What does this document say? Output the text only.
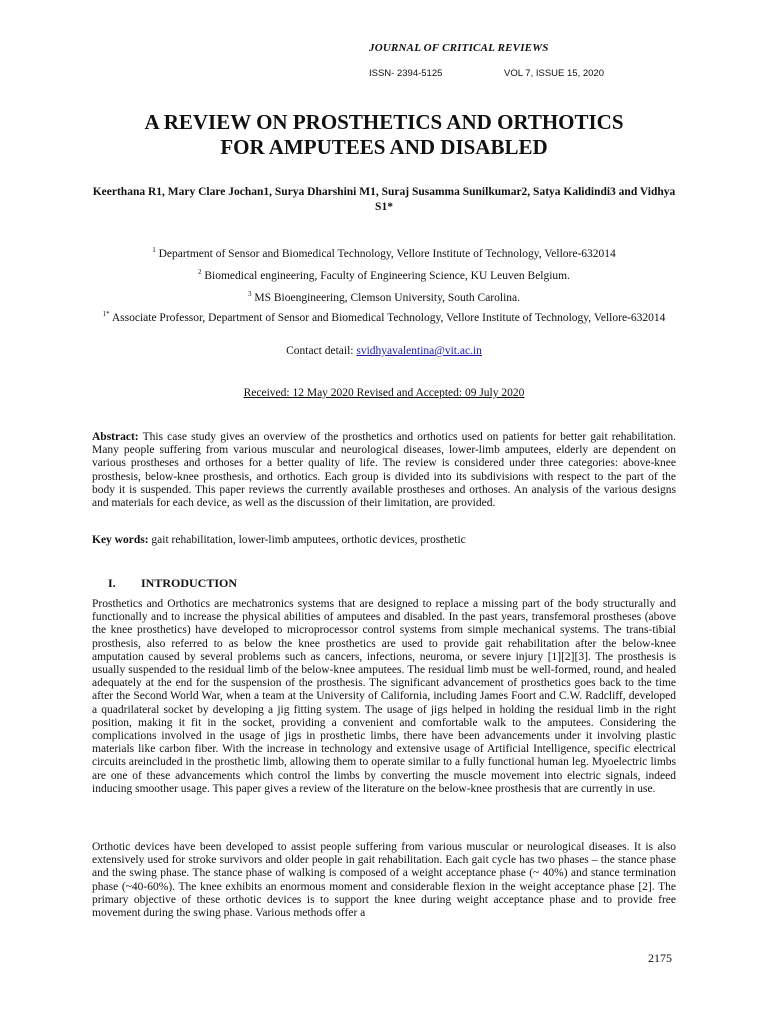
JOURNAL OF CRITICAL REVIEWS
ISSN- 2394-5125	VOL 7, ISSUE 15, 2020
A REVIEW ON PROSTHETICS AND ORTHOTICS
FOR AMPUTEES AND DISABLED
Keerthana R1, Mary Clare Jochan1, Surya Dharshini M1, Suraj Susamma Sunilkumar2, Satya Kalidindi3 and Vidhya S1*
$^1$ Department of Sensor and Biomedical Technology, Vellore Institute of Technology, Vellore-632014
$^2$ Biomedical engineering, Faculty of Engineering Science, KU Leuven Belgium.
$^3$ MS Bioengineering, Clemson University, South Carolina.
$^{1*}$ Associate Professor, Department of Sensor and Biomedical Technology, Vellore Institute of Technology, Vellore-632014
Contact detail: svidhyavalentina@vit.ac.in
Received: 12 May 2020 Revised and Accepted: 09 July 2020
Abstract: This case study gives an overview of the prosthetics and orthotics used on patients for better gait rehabilitation. Many people suffering from various muscular and neurological diseases, lower-limb amputees, elderly are dependent on various prostheses and orthoses for a better quality of life. The review is considered under three categories: above-knee prosthesis, below-knee prosthesis, and orthotics. Each group is divided into its subdivisions with respect to the part of the body it is suspended. This paper reviews the currently available prostheses and orthoses. An analysis of the various designs and materials for each device, as well as the discussion of their limitation, are provided.
Key words: gait rehabilitation, lower-limb amputees, orthotic devices, prosthetic
I. INTRODUCTION
Prosthetics and Orthotics are mechatronics systems that are designed to replace a missing part of the body structurally and functionally and to increase the physical abilities of amputees and disabled. In the past years, transfemoral prostheses (above the knee prosthetics) have developed to microprocessor control systems from simple mechanical systems. The trans-tibial prosthesis, also referred to as below the knee prosthetics are used to provide gait rehabilitation after the below-knee amputation caused by several problems such as cancers, infections, neuroma, or severe injury [1][2][3]. The prosthesis is usually suspended to the residual limb of the below-knee amputees. The residual limb must be well-formed, round, and healed adequately at the end for the suspension of the prosthesis. The significant advancement of prosthetics goes back to the time after the Second World War, when a team at the University of California, including James Foort and C.W. Radcliff, developed a quadrilateral socket by developing a jig fitting system. The usage of jigs helped in holding the residual limb in the right position, making it fit in the socket, providing a convenient and comfortable walk to the amputees. Considering the complications involved in the usage of jigs in prosthetic limbs, there have been advancements under it involving plastic materials like carbon fiber. With the increase in technology and extensive usage of Artificial Intelligence, specific electrical circuits areincluded in the prosthetic limb, allowing them to operate similar to a fully functional human leg. Myoelectric limbs are one of these advancements which control the limbs by converting the muscle movement into electric signals, indeed inducing smoother usage. This paper gives a review of the literature on the below-knee prosthesis that are currently in use.
Orthotic devices have been developed to assist people suffering from various muscular or neurological diseases. It is also extensively used for stroke survivors and older people in gait rehabilitation. Each gait cycle has two phases – the stance phase and the swing phase. The stance phase of walking is composed of a weight acceptance phase (~ 40%) and stance termination phase (~40-60%). The knee exhibits an enormous moment and considerable flexion in the weight acceptance phase [2]. The primary objective of these orthotic devices is to support the knee during weight acceptance phase and to provide free movement during the swing phase. Various methods offer a
2175
